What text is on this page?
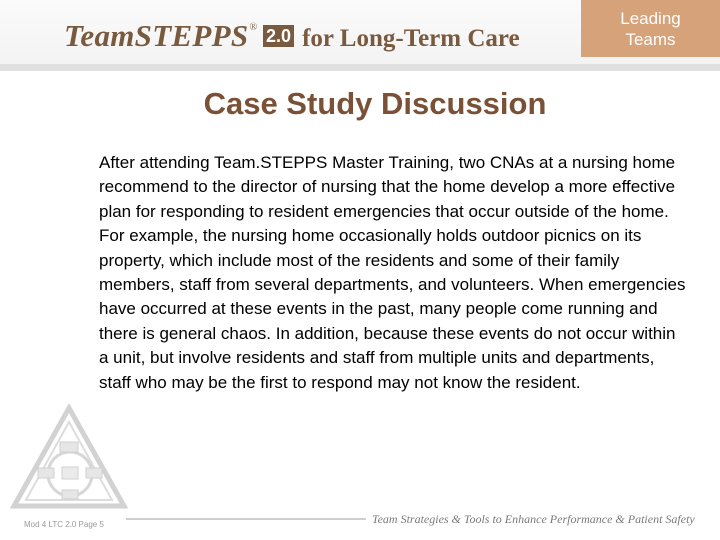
TeamSTEPPS® 2.0 for Long-Term Care
Leading
Teams
Case Study Discussion

After attending Team.STEPPS Master Training, two CNAs at a nursing home recommend to the director of nursing that the home develop a more effective plan for responding to resident emergencies that occur outside of the home. For example, the nursing home occasionally holds outdoor picnics on its property, which include most of the residents and some of their family members, staff from several departments, and volunteers. When emergencies have occurred at these events in the past, many people come running and there is general chaos. In addition, because these events do not occur within a unit, but involve residents and staff from multiple units and departments, staff who may be the first to respond may not know the resident.

Mod 4 LTC 2.0 Page 5	Team Strategies & Tools to Enhance Performance & Patient Safety
